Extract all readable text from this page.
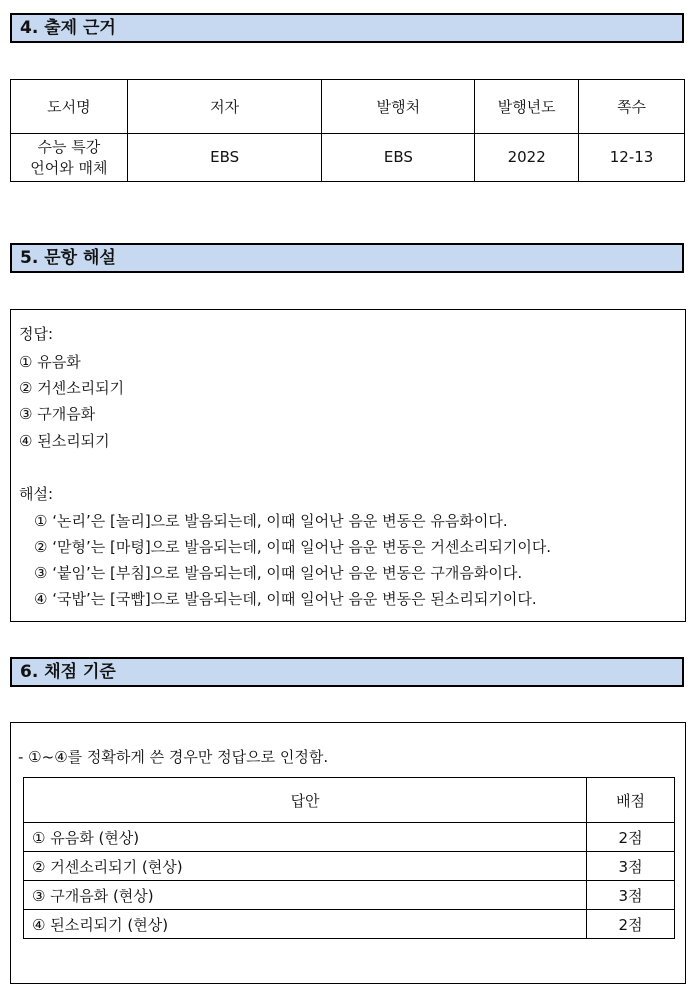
4. 출제 근거
도서명	저자	발행처	발행년도	쪽수

수능 특강
언어와 매체	EBS	EBS	2022	12-13
5. 문항 해설
정답:
① 유음화
② 거센소리되기
③ 구개음화
④ 된소리되기
해설:
① ‘논리’은 [놀리]으로 발음되는데, 이때 일어난 음운 변동은 유음화이다.
② ‘맏형’는 [마텽]으로 발음되는데, 이때 일어난 음운 변동은 거센소리되기이다.
③ ‘붙임’는 [부침]으로 발음되는데, 이때 일어난 음운 변동은 구개음화이다.
④ ‘국밥’는 [국빱]으로 발음되는데, 이때 일어난 음운 변동은 된소리되기이다.
6. 채점 기준
- ①~④를 정확하게 쓴 경우만 정답으로 인정함.
답안	배점
① 유음화 (현상)	2점
② 거센소리되기 (현상)	3점
③ 구개음화 (현상)	3점
④ 된소리되기 (현상)	2점
